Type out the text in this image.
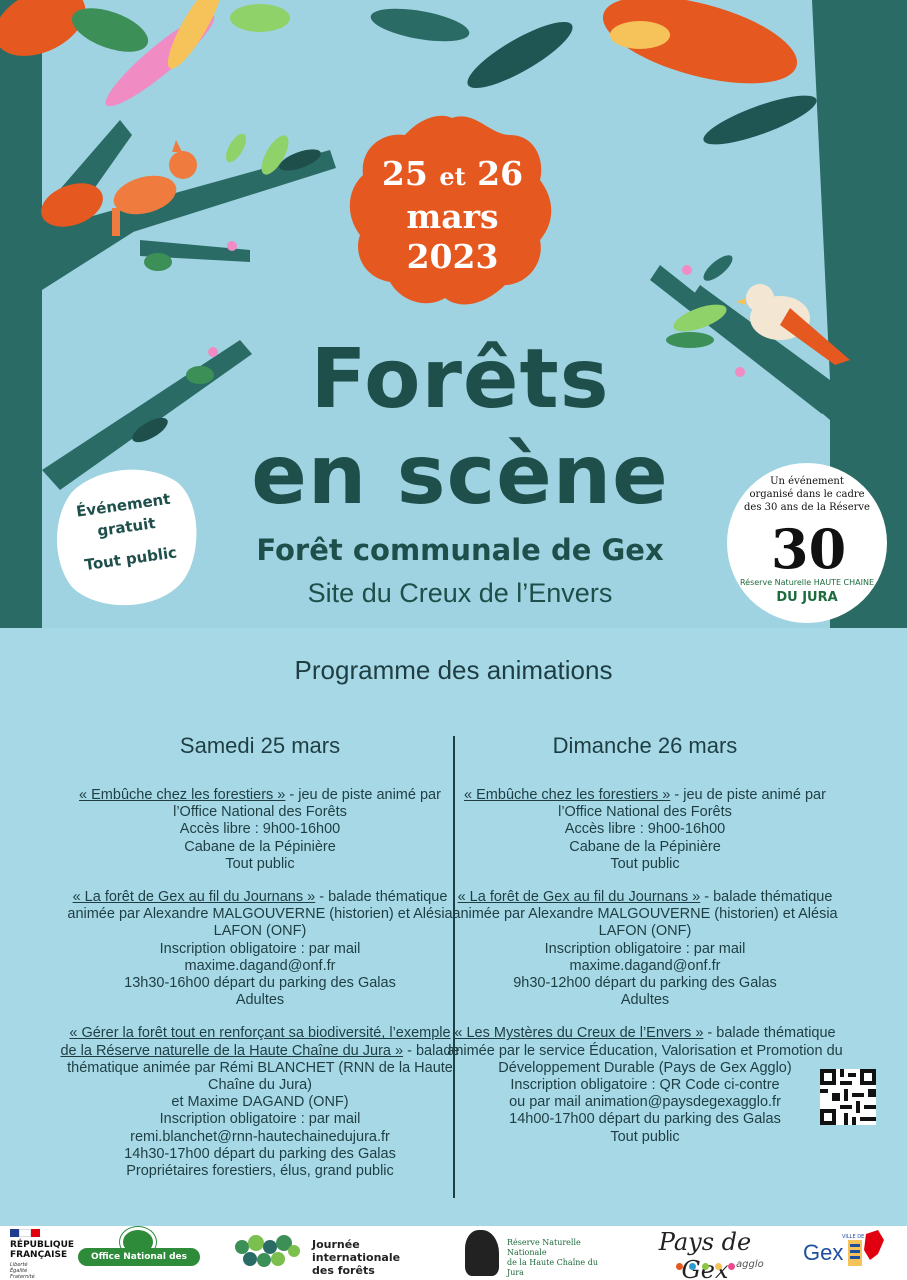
25 et 26
mars
2023
Forêts
en scène
Forêt communale de Gex
Site du Creux de l’Envers
Événement
gratuit
Tout public
Un événement
organisé dans le cadre
des 30 ans de la Réserve
30
Réserve Naturelle HAUTE CHAINE
DU JURA
Programme des animations
Samedi 25 mars
« Embûche chez les forestiers » - jeu de piste animé par l’Office National des Forêts
Accès libre : 9h00-16h00
Cabane de la Pépinière
Tout public
« La forêt de Gex au fil du Journans » - balade thématique animée par Alexandre MALGOUVERNE (historien) et Alésia LAFON (ONF)
Inscription obligatoire : par mail
maxime.dagand@onf.fr
13h30-16h00 départ du parking des Galas
Adultes
« Gérer la forêt tout en renforçant sa biodiversité, l’exemple de la Réserve naturelle de la Haute Chaîne du Jura » - balade thématique animée par Rémi BLANCHET (RNN de la Haute Chaîne du Jura)
et Maxime DAGAND (ONF)
Inscription obligatoire : par mail
remi.blanchet@rnn-hautechainedujura.fr
14h30-17h00 départ du parking des Galas
Propriétaires forestiers, élus, grand public
Dimanche 26 mars
« Embûche chez les forestiers » - jeu de piste animé par l’Office National des Forêts
Accès libre : 9h00-16h00
Cabane de la Pépinière
Tout public
« La forêt de Gex au fil du Journans » - balade thématique animée par Alexandre MALGOUVERNE (historien) et Alésia LAFON (ONF)
Inscription obligatoire : par mail
maxime.dagand@onf.fr
9h30-12h00 départ du parking des Galas
Adultes
« Les Mystères du Creux de l’Envers » - balade thématique animée par le service Éducation, Valorisation et Promotion du Développement Durable (Pays de Gex Agglo)
Inscription obligatoire : QR Code ci-contre
ou par mail animation@paysdegexagglo.fr
14h00-17h00 départ du parking des Galas
Tout public
RÉPUBLIQUE
FRANÇAISE
Liberté
Égalité
Fraternité
Office National des Forêts
Journée internationale
des forêts
Réserve Naturelle Nationale
de la Haute Chaîne du Jura
Pays de
agglo
VILLE DE
Gex
